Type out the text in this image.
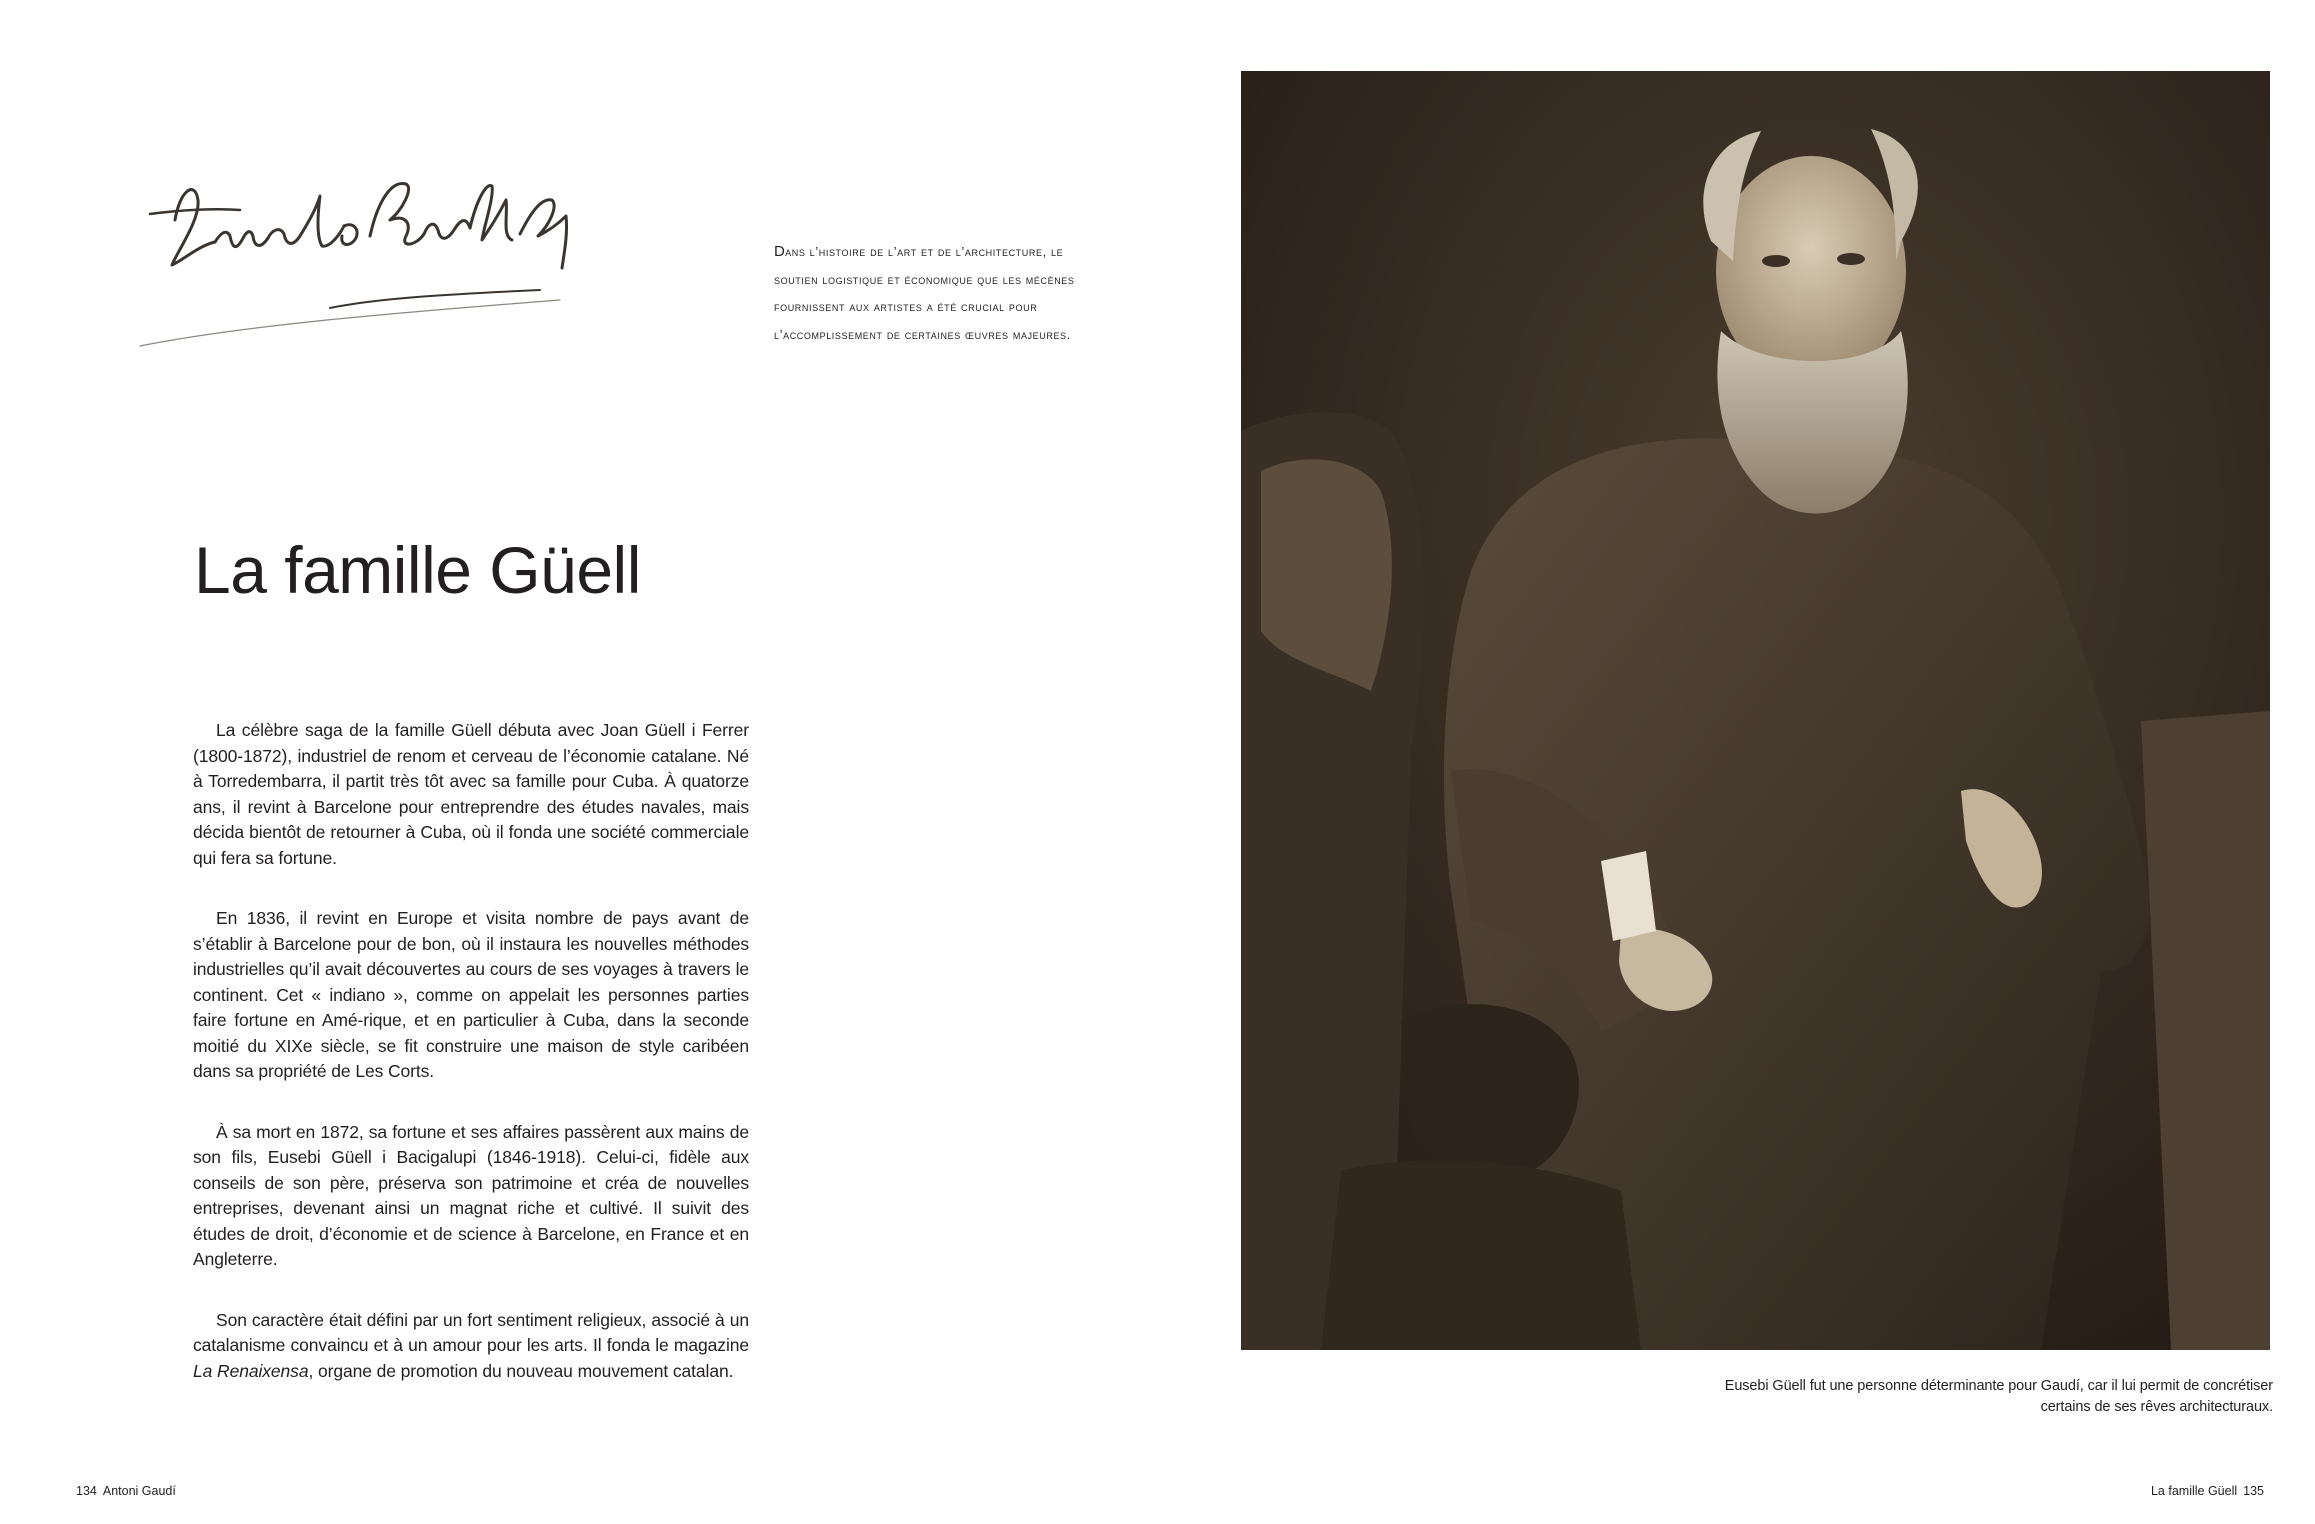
Dans l’histoire de l’art et de l’architecture, le soutien logistique et économique que les mécènes fournissent aux artistes a été crucial pour l’accomplissement de certaines œuvres majeures.
La famille Güell

La célèbre saga de la famille Güell débuta avec Joan Güell i Ferrer (1800-1872), industriel de renom et cerveau de l’économie catalane. Né à Torredembarra, il partit très tôt avec sa famille pour Cuba. À quatorze ans, il revint à Barcelone pour entreprendre des études navales, mais décida bientôt de retourner à Cuba, où il fonda une société commerciale qui fera sa fortune.

En 1836, il revint en Europe et visita nombre de pays avant de s’établir à Barcelone pour de bon, où il instaura les nouvelles méthodes industrielles qu’il avait découvertes au cours de ses voyages à travers le continent. Cet « indiano », comme on appelait les personnes parties faire fortune en Amé-rique, et en particulier à Cuba, dans la seconde moitié du XIXe siècle, se fit construire une maison de style caribéen dans sa propriété de Les Corts.

À sa mort en 1872, sa fortune et ses affaires passèrent aux mains de son fils, Eusebi Güell i Bacigalupi (1846-1918). Celui-ci, fidèle aux conseils de son père, préserva son patrimoine et créa de nouvelles entreprises, devenant ainsi un magnat riche et cultivé. Il suivit des études de droit, d’économie et de science à Barcelone, en France et en Angleterre.

Son caractère était défini par un fort sentiment religieux, associé à un catalanisme convaincu et à un amour pour les arts. Il fonda le magazine La Renaixensa, organe de promotion du nouveau mouvement catalan.

Eusebi Güell fut une personne déterminante pour Gaudí, car il lui permit de concrétiser certains de ses rêves architecturaux.
134 Antoni Gaudí	La famille Güell 135
